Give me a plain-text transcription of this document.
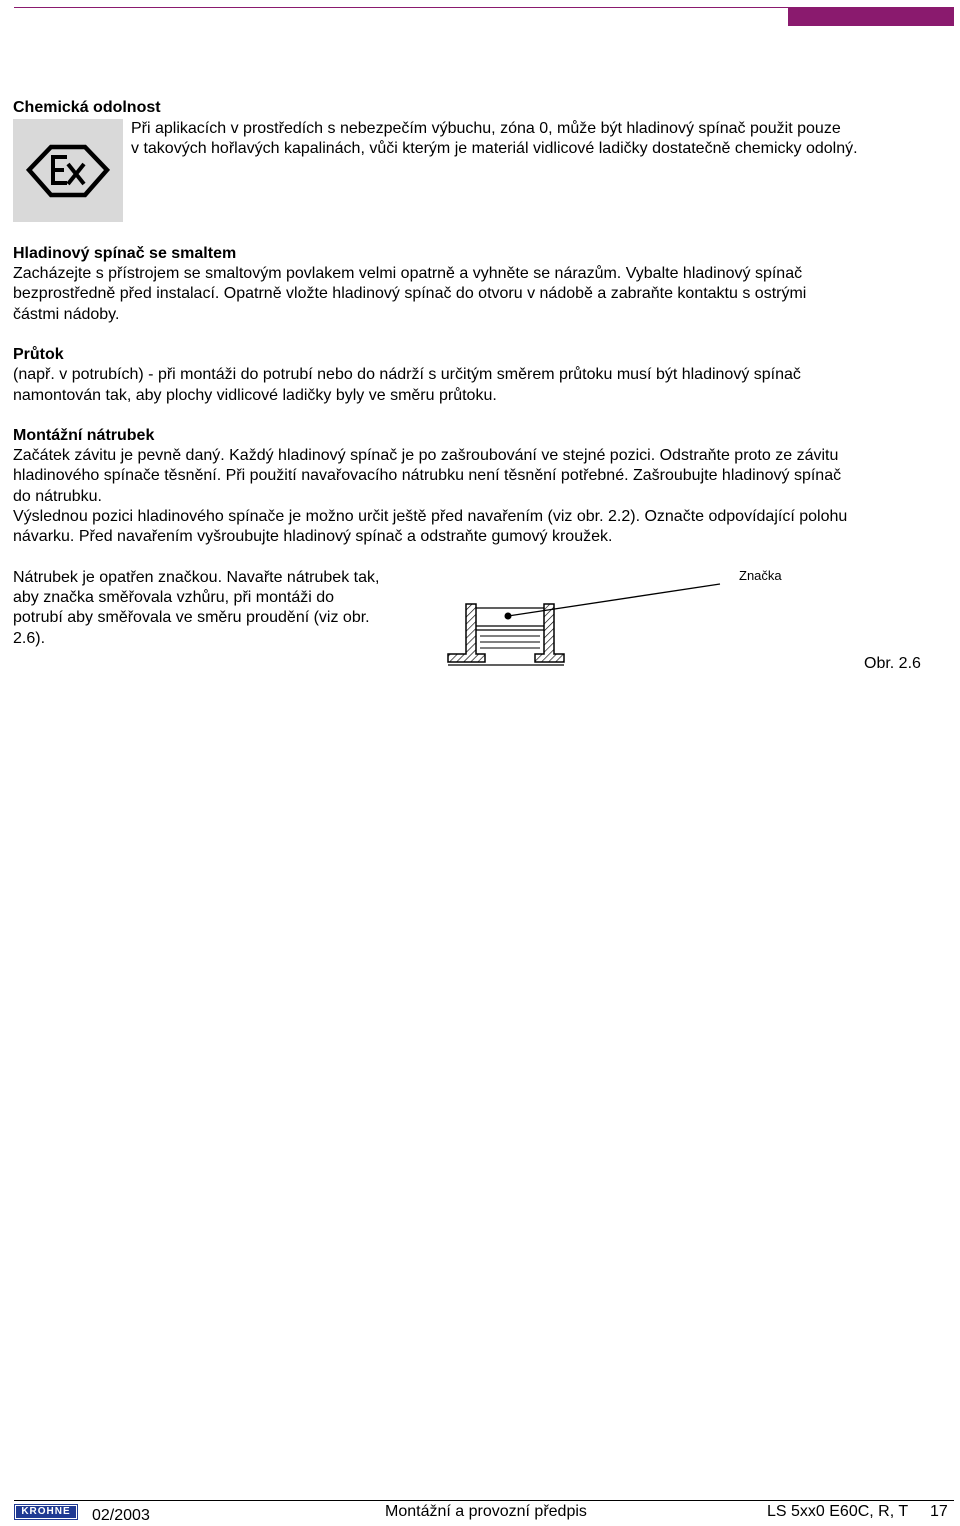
Chemická odolnost

Při aplikacích v prostředích s nebezpečím výbuchu, zóna 0, může být hladinový spínač použit pouze

v takových hořlavých kapalinách, vůči kterým je materiál vidlicové ladičky dostatečně chemicky odolný.

Hladinový spínač se smaltem

Zacházejte s přístrojem se smaltovým povlakem velmi opatrně a vyhněte se nárazům. Vybalte hladinový spínač

bezprostředně před instalací. Opatrně vložte hladinový spínač do otvoru v nádobě a zabraňte kontaktu s ostrými

částmi nádoby.

Průtok

(např. v potrubích) - při montáži do potrubí nebo do nádrží s určitým směrem průtoku musí být hladinový spínač

namontován tak, aby plochy vidlicové ladičky byly ve směru průtoku.

Montážní nátrubek

Začátek závitu je pevně daný. Každý hladinový spínač je po zašroubování ve stejné pozici. Odstraňte proto ze závitu

hladinového spínače těsnění. Při použití navařovacího nátrubku není těsnění potřebné. Zašroubujte hladinový spínač

do nátrubku.

Výslednou pozici hladinového spínače je možno určit ještě před navařením (viz obr. 2.2). Označte odpovídající polohu

návarku. Před navařením vyšroubujte hladinový spínač a odstraňte gumový kroužek.

Nátrubek je opatřen značkou. Navařte nátrubek tak,

aby značka směřovala vzhůru, při montáži do

potrubí aby směřovala ve směru proudění (viz obr.

2.6).

Značka
Obr. 2.6
KROHNE	02/2003	Montážní a provozní předpis	LS 5xx0 E60C, R, T 17
